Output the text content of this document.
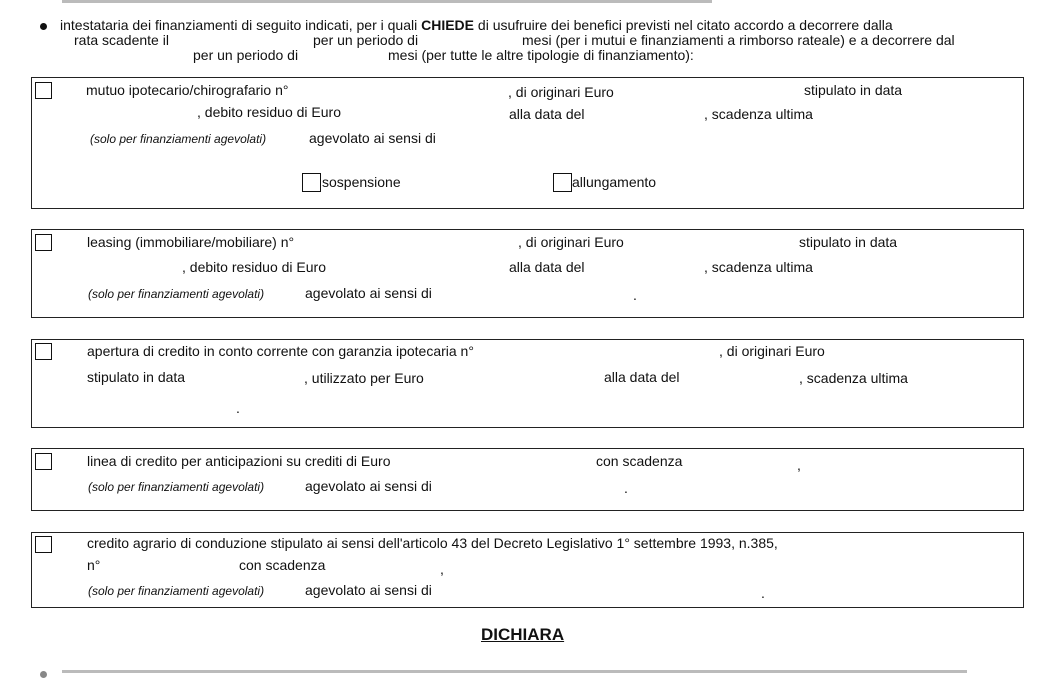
intestataria dei finanziamenti di seguito indicati, per i quali CHIEDE di usufruire dei benefici previsti nel citato accordo a decorrere dalla
rata scadente il	per un periodo di	mesi (per i mutui e finanziamenti a rimborso rateale) e a decorrere dal
per un periodo di	mesi (per tutte le altre tipologie di finanziamento):
mutuo ipotecario/chirografario n°	, di originari Euro	stipulato in data
, debito residuo di Euro	alla data del	, scadenza ultima
(solo per finanziamenti agevolati)	agevolato ai sensi di
sospensione	allungamento
leasing (immobiliare/mobiliare) n°	, di originari Euro	stipulato in data
, debito residuo di Euro	alla data del	, scadenza ultima
(solo per finanziamenti agevolati)	agevolato ai sensi di	.
apertura di credito in conto corrente con garanzia ipotecaria n°	, di originari Euro
stipulato in data	, utilizzato per Euro	alla data del	, scadenza ultima
.
linea di credito per anticipazioni su crediti di Euro	con scadenza	,
(solo per finanziamenti agevolati)	agevolato ai sensi di	.
credito agrario di conduzione stipulato ai sensi dell'articolo 43 del Decreto Legislativo 1° settembre 1993, n.385,
n°	con scadenza	,
(solo per finanziamenti agevolati)	agevolato ai sensi di	.
DICHIARA
